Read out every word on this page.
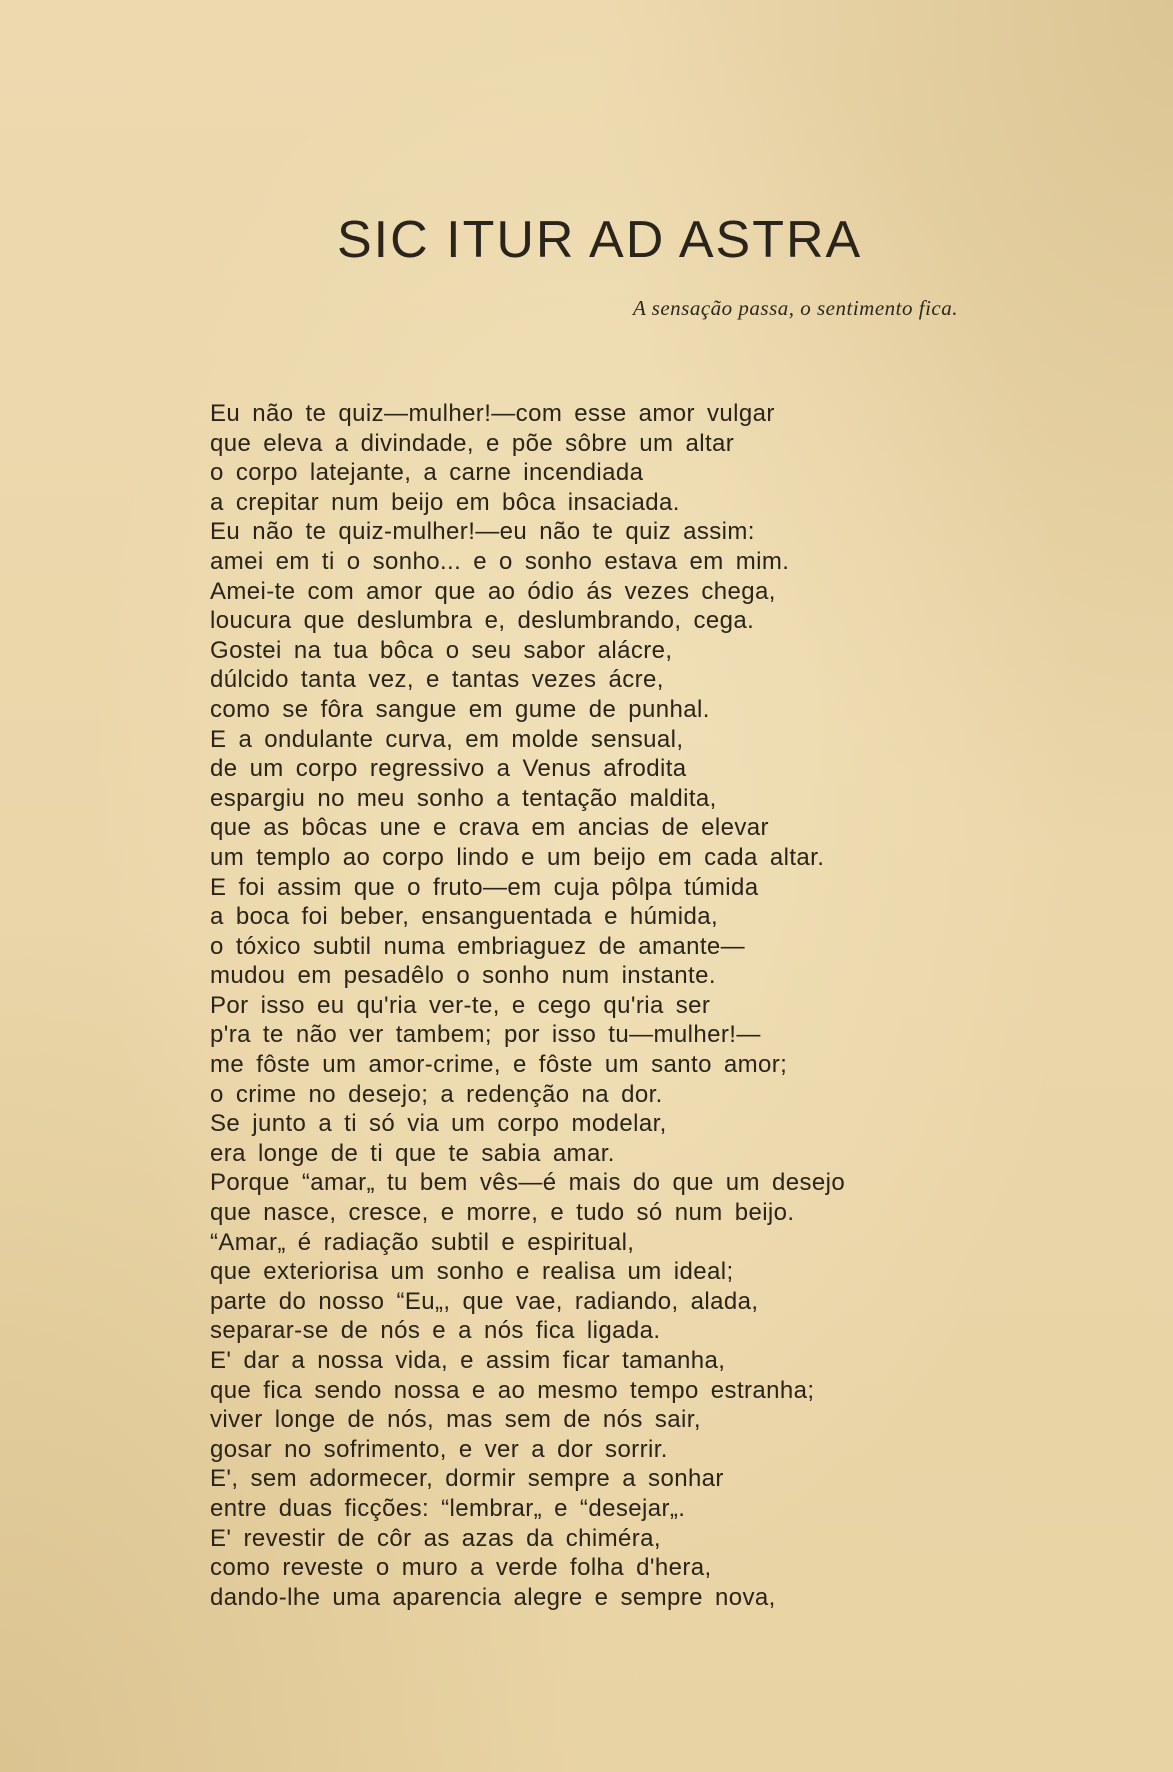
SIC ITUR AD ASTRA
A sensação passa, o sentimento fica.
Eu não te quiz—mulher!—com esse amor vulgar
que eleva a divindade, e põe sôbre um altar
o corpo latejante, a carne incendiada
a crepitar num beijo em bôca insaciada.
Eu não te quiz-mulher!—eu não te quiz assim:
amei em ti o sonho... e o sonho estava em mim.
Amei-te com amor que ao ódio ás vezes chega,
loucura que deslumbra e, deslumbrando, cega.
Gostei na tua bôca o seu sabor alácre,
dúlcido tanta vez, e tantas vezes ácre,
como se fôra sangue em gume de punhal.
E a ondulante curva, em molde sensual,
de um corpo regressivo a Venus afrodita
espargiu no meu sonho a tentação maldita,
que as bôcas une e crava em ancias de elevar
um templo ao corpo lindo e um beijo em cada altar.
E foi assim que o fruto—em cuja pôlpa túmida
a boca foi beber, ensanguentada e húmida,
o tóxico subtil numa embriaguez de amante—
mudou em pesadêlo o sonho num instante.
Por isso eu qu'ria ver-te, e cego qu'ria ser
p'ra te não ver tambem; por isso tu—mulher!—
me fôste um amor-crime, e fôste um santo amor;
o crime no desejo; a redenção na dor.
Se junto a ti só via um corpo modelar,
era longe de ti que te sabia amar.
Porque “amar„ tu bem vês—é mais do que um desejo
que nasce, cresce, e morre, e tudo só num beijo.
“Amar„ é radiação subtil e espiritual,
que exteriorisa um sonho e realisa um ideal;
parte do nosso “Eu„, que vae, radiando, alada,
separar-se de nós e a nós fica ligada.
E' dar a nossa vida, e assim ficar tamanha,
que fica sendo nossa e ao mesmo tempo estranha;
viver longe de nós, mas sem de nós sair,
gosar no sofrimento, e ver a dor sorrir.
E', sem adormecer, dormir sempre a sonhar
entre duas ficções: “lembrar„ e “desejar„.
E' revestir de côr as azas da chiméra,
como reveste o muro a verde folha d'hera,
dando-lhe uma aparencia alegre e sempre nova,
